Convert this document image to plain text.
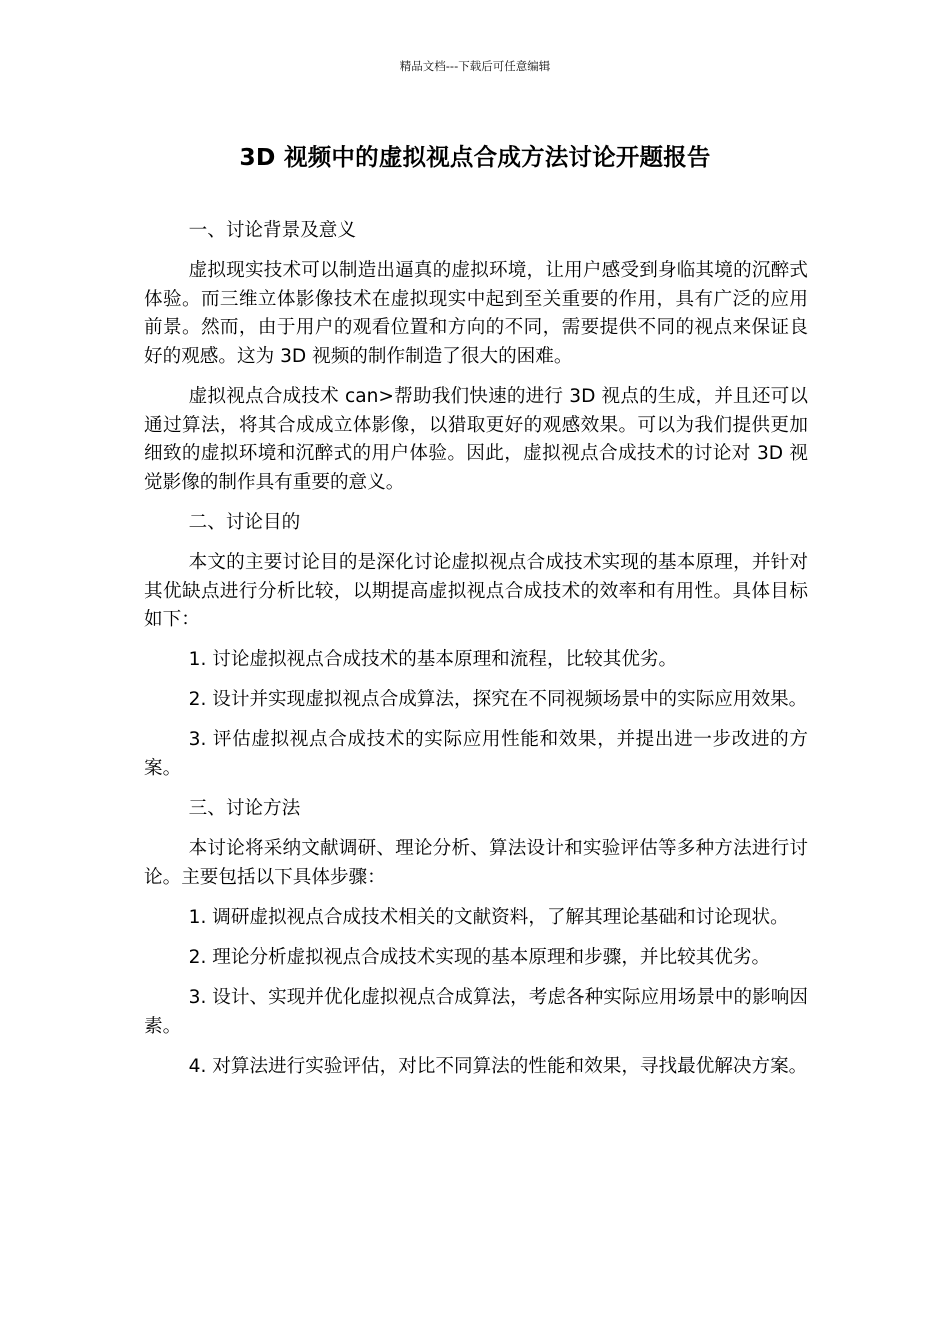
精品文档---下载后可任意编辑
3D 视频中的虚拟视点合成方法讨论开题报告

一、讨论背景及意义

虚拟现实技术可以制造出逼真的虚拟环境，让用户感受到身临其境的沉醉式体验。而三维立体影像技术在虚拟现实中起到至关重要的作用，具有广泛的应用前景。然而，由于用户的观看位置和方向的不同，需要提供不同的视点来保证良好的观感。这为 3D 视频的制作制造了很大的困难。

虚拟视点合成技术 can>帮助我们快速的进行 3D 视点的生成，并且还可以通过算法，将其合成成立体影像，以猎取更好的观感效果。可以为我们提供更加细致的虚拟环境和沉醉式的用户体验。因此，虚拟视点合成技术的讨论对 3D 视觉影像的制作具有重要的意义。

二、讨论目的

本文的主要讨论目的是深化讨论虚拟视点合成技术实现的基本原理，并针对其优缺点进行分析比较，以期提高虚拟视点合成技术的效率和有用性。具体目标如下：

1. 讨论虚拟视点合成技术的基本原理和流程，比较其优劣。

2. 设计并实现虚拟视点合成算法，探究在不同视频场景中的实际应用效果。

3. 评估虚拟视点合成技术的实际应用性能和效果，并提出进一步改进的方案。

三、讨论方法

本讨论将采纳文献调研、理论分析、算法设计和实验评估等多种方法进行讨论。主要包括以下具体步骤：

1. 调研虚拟视点合成技术相关的文献资料，了解其理论基础和讨论现状。

2. 理论分析虚拟视点合成技术实现的基本原理和步骤，并比较其优劣。

3. 设计、实现并优化虚拟视点合成算法，考虑各种实际应用场景中的影响因素。

4. 对算法进行实验评估，对比不同算法的性能和效果，寻找最优解决方案。
